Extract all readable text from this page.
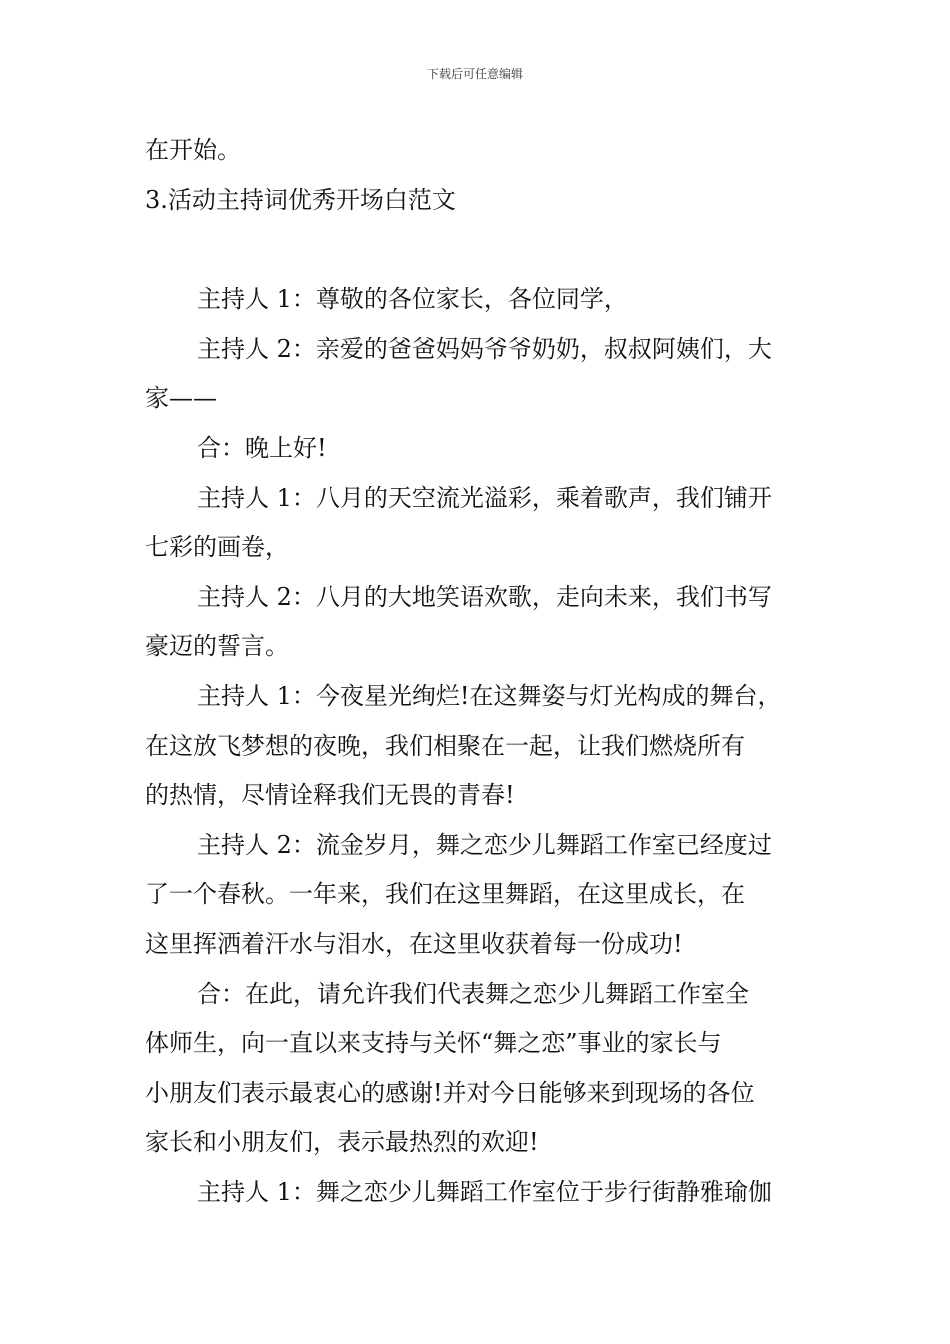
下载后可任意编辑
在开始。
3.活动主持词优秀开场白范文
主持人 1：尊敬的各位家长，各位同学，
主持人 2：亲爱的爸爸妈妈爷爷奶奶，叔叔阿姨们，大
家——
合：晚上好!
主持人 1：八月的天空流光溢彩，乘着歌声，我们铺开
七彩的画卷，
主持人 2：八月的大地笑语欢歌，走向未来，我们书写
豪迈的誓言。
主持人 1：今夜星光绚烂!在这舞姿与灯光构成的舞台，
在这放飞梦想的夜晚，我们相聚在一起，让我们燃烧所有
的热情，尽情诠释我们无畏的青春!
主持人 2：流金岁月，舞之恋少儿舞蹈工作室已经度过
了一个春秋。一年来，我们在这里舞蹈，在这里成长，在
这里挥洒着汗水与泪水，在这里收获着每一份成功!
合：在此，请允许我们代表舞之恋少儿舞蹈工作室全
体师生，向一直以来支持与关怀“舞之恋”事业的家长与
小朋友们表示最衷心的感谢!并对今日能够来到现场的各位
家长和小朋友们，表示最热烈的欢迎!
主持人 1：舞之恋少儿舞蹈工作室位于步行街静雅瑜伽
